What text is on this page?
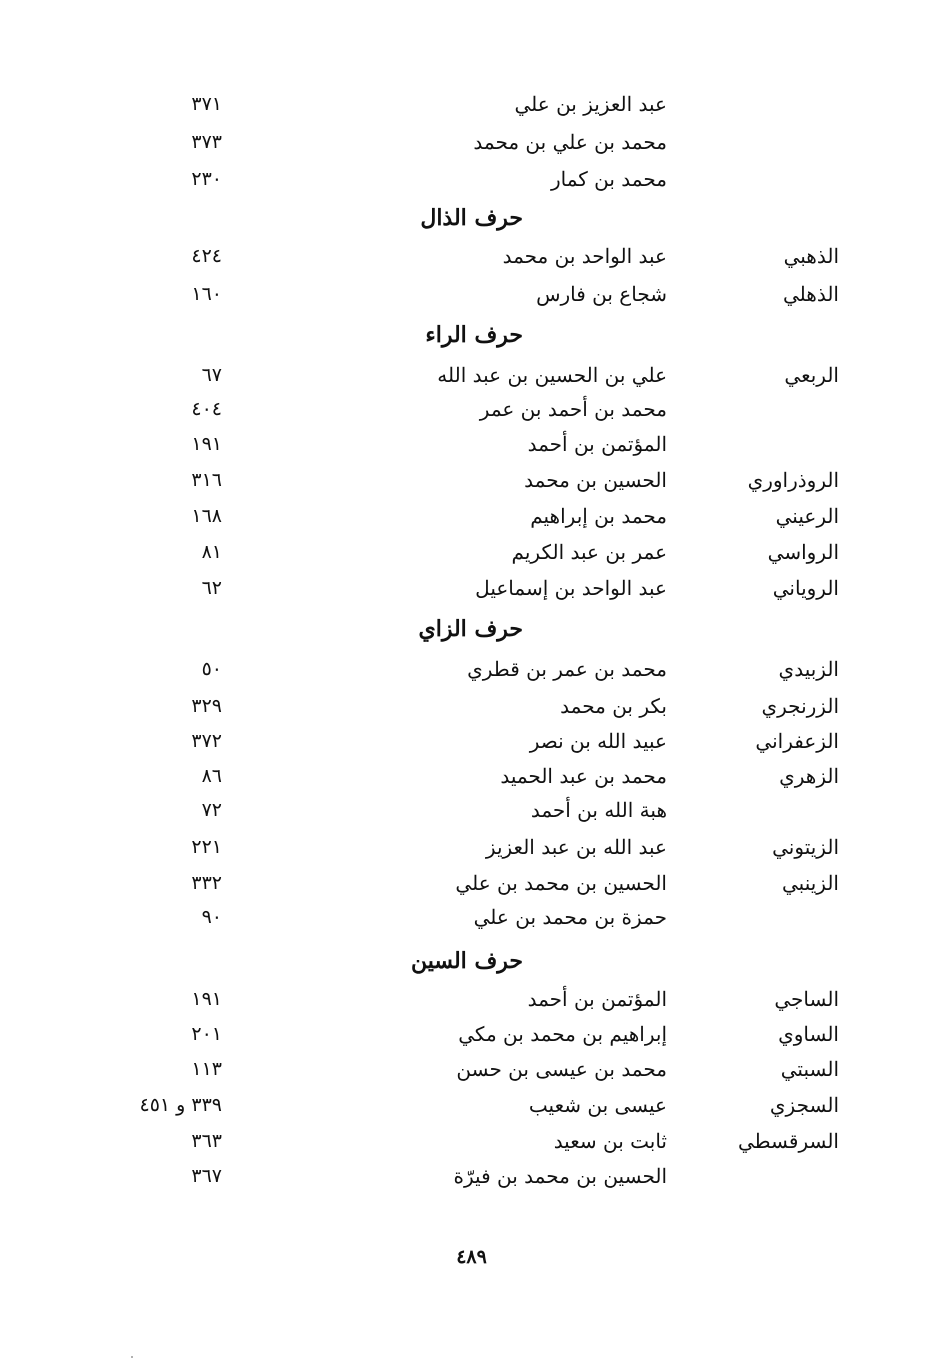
عبد العزيز بن علي
٣٧١
محمد بن علي بن محمد
٣٧٣
محمد بن كمار
٢٣٠
حرف الذال
الذهبي
عبد الواحد بن محمد
٤٢٤
الذهلي
شجاع بن فارس
١٦٠
حرف الراء
الربعي
علي بن الحسين بن عبد الله
٦٧
محمد بن أحمد بن عمر
٤٠٤
المؤتمن بن أحمد
١٩١
الروذراوري
الحسين بن محمد
٣١٦
الرعيني
محمد بن إبراهيم
١٦٨
الرواسي
عمر بن عبد الكريم
٨١
الروياني
عبد الواحد بن إسماعيل
٦٢
حرف الزاي
الزبيدي
محمد بن عمر بن قطري
٥٠
الزرنجري
بكر بن محمد
٣٢٩
الزعفراني
عبيد الله بن نصر
٣٧٢
الزهري
محمد بن عبد الحميد
٨٦
هبة الله بن أحمد
٧٢
الزيتوني
عبد الله بن عبد العزيز
٢٢١
الزينبي
الحسين بن محمد بن علي
٣٣٢
حمزة بن محمد بن علي
٩٠
حرف السين
الساجي
المؤتمن بن أحمد
١٩١
الساوي
إبراهيم بن محمد بن مكي
٢٠١
السبتي
محمد بن عيسى بن حسن
١١٣
السجزي
عيسى بن شعيب
٣٣٩ و ٤٥١
السرقسطي
ثابت بن سعيد
٣٦٣
الحسين بن محمد بن فيرّة
٣٦٧
٤٨٩
